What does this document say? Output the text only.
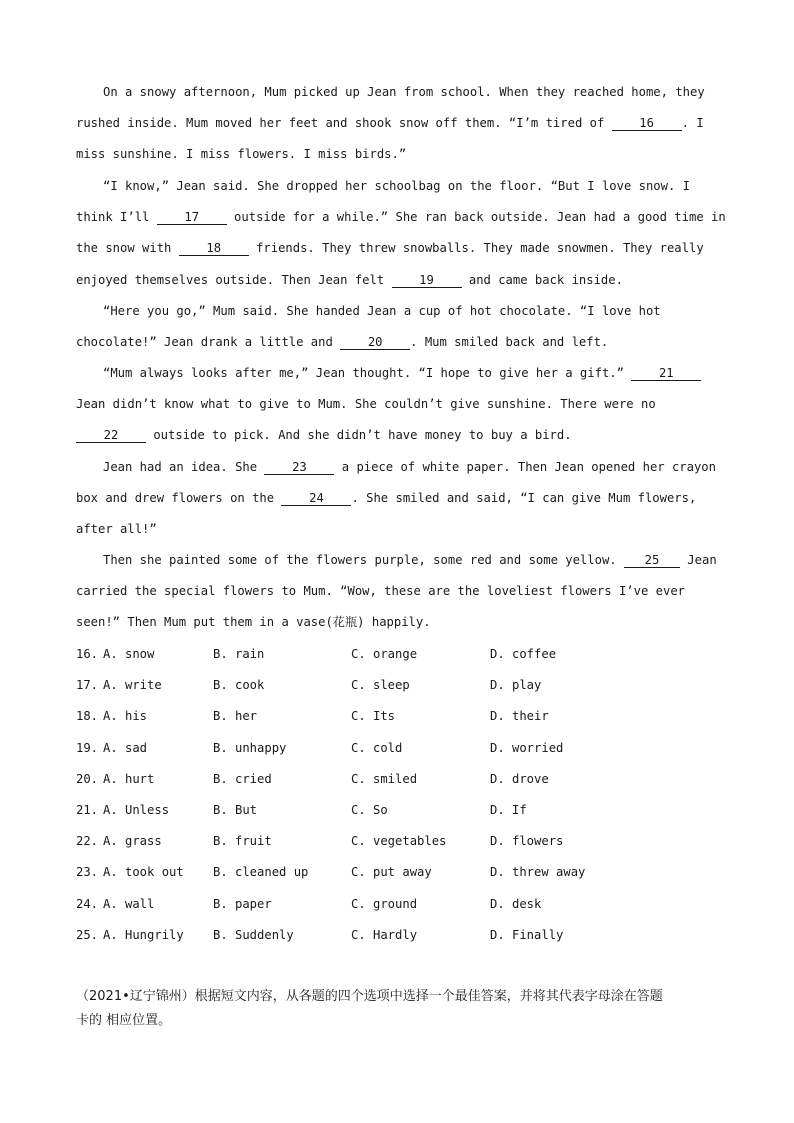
On a snowy afternoon, Mum picked up Jean from school. When they reached home, they
rushed inside. Mum moved her feet and shook snow off them. “I’m tired of 16 . I
miss sunshine. I miss flowers. I miss birds.”
“I know,” Jean said. She dropped her schoolbag on the floor. “But I love snow. I
think I’ll 17 outside for a while.” She ran back outside. Jean had a good time in
the snow with 18 friends. They threw snowballs. They made snowmen. They really
enjoyed themselves outside. Then Jean felt 19 and came back inside.
“Here you go,” Mum said. She handed Jean a cup of hot chocolate. “I love hot
chocolate!” Jean drank a little and 20 . Mum smiled back and left.
“Mum always looks after me,” Jean thought. “I hope to give her a gift.” 21
Jean didn’t know what to give to Mum. She couldn’t give sunshine. There were no
22 outside to pick. And she didn’t have money to buy a bird.
Jean had an idea. She 23 a piece of white paper. Then Jean opened her crayon
box and drew flowers on the 24 . She smiled and said, “I can give Mum flowers,
after all!”
Then she painted some of the flowers purple, some red and some yellow. 25 Jean
carried the special flowers to Mum. “Wow, these are the loveliest flowers I’ve ever
seen!” Then Mum put them in a vase(花瓶) happily.

16.

A. snow

	B. rain

	C. orange

	D. coffee

17.

A. write

	B. cook

	C. sleep

	D. play

18.

A. his

	B. her

	C. Its

	D. their

19.

A. sad

	B. unhappy

	C. cold

	D. worried

20.

A. hurt

	B. cried

	C. smiled

	D. drove

21.

A. Unless

	B. But

	C. So

	D. If

22.

A. grass

	B. fruit

	C. vegetables

	D. flowers

23.

A. took out

B. cleaned up

	C. put away

	D. threw away

24.

A. wall

	B. paper

	C. ground

	D. desk

25.

A. Hungrily

B. Suddenly

	C. Hardly

	D. Finally

（2021•辽宁锦州）根据短文内容，从各题的四个选项中选择一个最佳答案，并将其代表字母涂在答题
卡的 相应位置。
